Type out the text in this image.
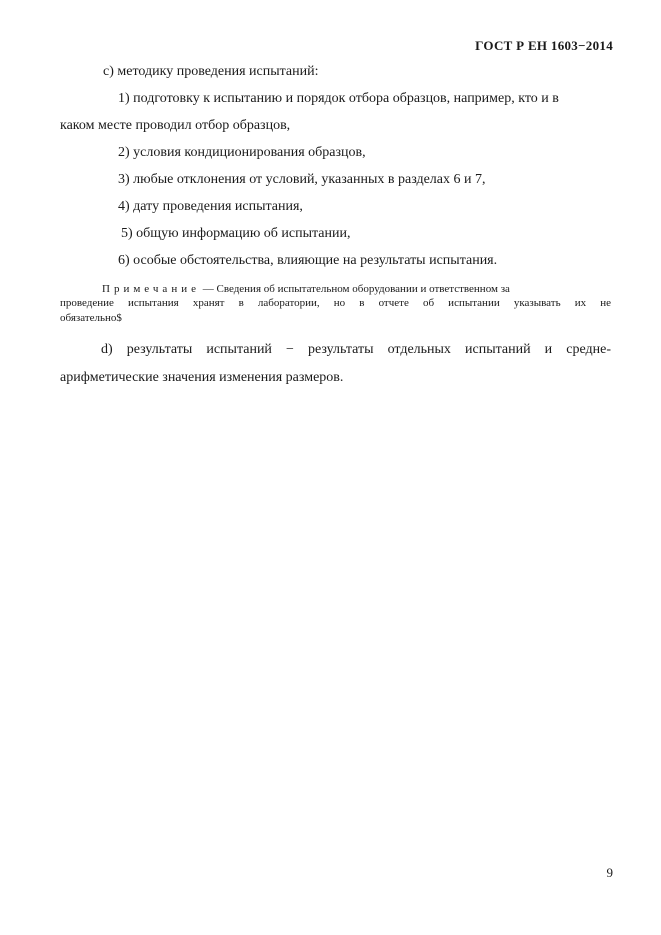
ГОСТ Р ЕН 1603−2014
c) методику проведения испытаний:
1) подготовку к испытанию и порядок отбора образцов, например, кто и в
каком месте проводил отбор образцов,
2) условия кондиционирования образцов,
3) любые отклонения от условий, указанных в разделах 6 и 7,
4) дату проведения испытания,
5) общую информацию об испытании,
6) особые обстоятельства, влияющие на результаты испытания.
Примечание — Сведения об испытательном оборудовании и ответственном за
проведение испытания хранят в лаборатории, но в отчете об испытании указывать их не
обязательно$
d) результаты испытаний − результаты отдельных испытаний и средне-
арифметические значения изменения размеров.
9
